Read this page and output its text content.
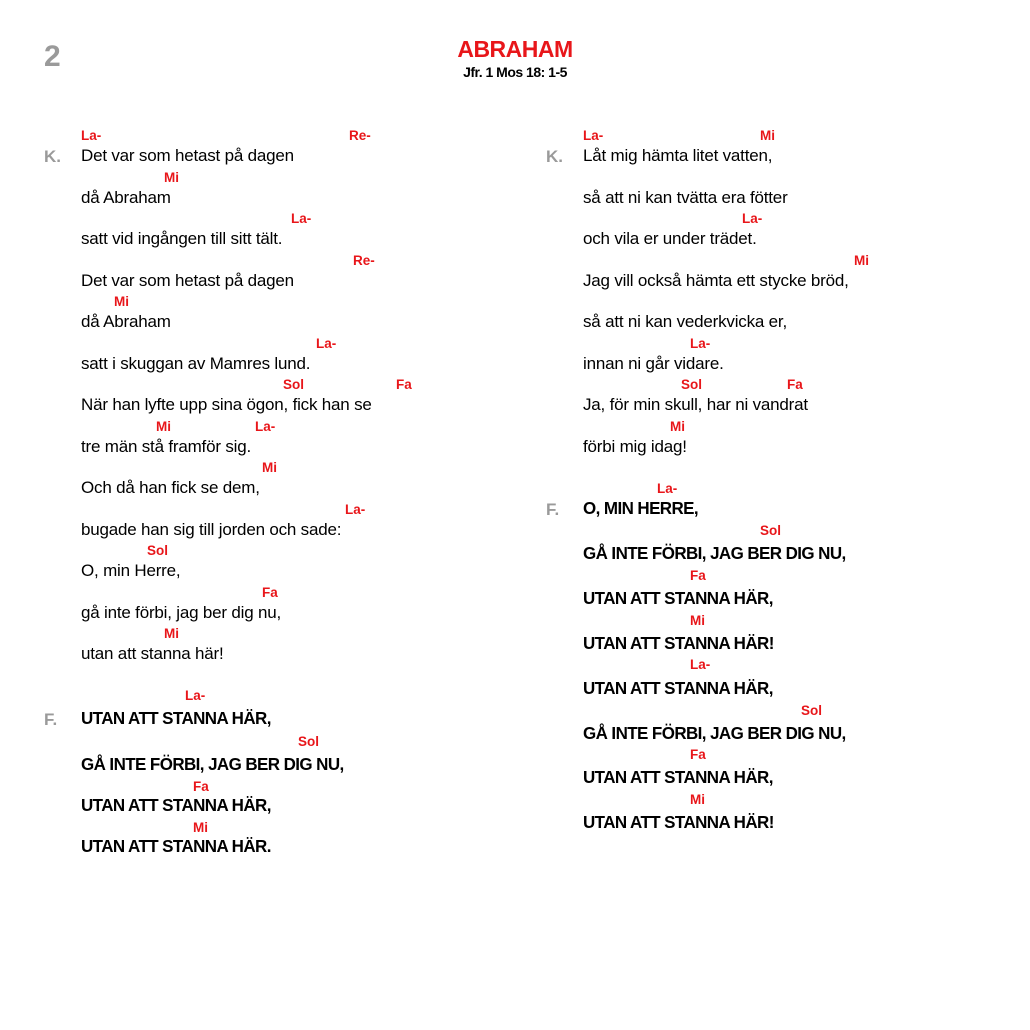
2	ABRAHAM
Jfr. 1 Mos 18: 1-5
K.
La-	Re-
Det var som hetast på dagen
Mi
då Abraham
La-
satt vid ingången till sitt tält.
Re-
Det var som hetast på dagen
Mi
då Abraham
La-
satt i skuggan av Mamres lund.
Sol	Fa
När han lyfte upp sina ögon, fick han se
Mi	La-
tre män stå framför sig.
Mi
Och då han fick se dem,
La-
bugade han sig till jorden och sade:
Sol
O, min Herre,
Fa
gå inte förbi, jag ber dig nu,
Mi
utan att stanna här!
F.
La-
UTAN ATT STANNA HÄR,
Sol
GÅ INTE FÖRBI, JAG BER DIG NU,
Fa
UTAN ATT STANNA HÄR,
Mi
UTAN ATT STANNA HÄR.
K.
La-	Mi
Låt mig hämta litet vatten,
så att ni kan tvätta era fötter
La-
och vila er under trädet.
Mi
Jag vill också hämta ett stycke bröd,
så att ni kan vederkvicka er,
La-
innan ni går vidare.
Sol	Fa
Ja, för min skull, har ni vandrat
Mi
förbi mig idag!
F.
La-
O, MIN HERRE,
Sol
GÅ INTE FÖRBI, JAG BER DIG NU,
Fa
UTAN ATT STANNA HÄR,
Mi
UTAN ATT STANNA HÄR!
La-
UTAN ATT STANNA HÄR,
Sol
GÅ INTE FÖRBI, JAG BER DIG NU,
Fa
UTAN ATT STANNA HÄR,
Mi
UTAN ATT STANNA HÄR!
